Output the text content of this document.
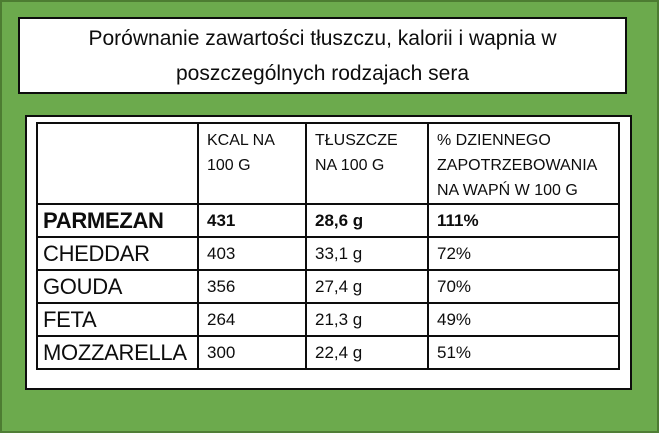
Porównanie zawartości tłuszczu, kalorii i wapnia w
poszczególnych rodzajach sera
	KCAL NA 100 G	TŁUSZCZE NA 100 G	% DZIENNEGO ZAPOTRZEBOWANIA NA WAPŃ W 100 G
PARMEZAN	431	28,6 g	111%
CHEDDAR	403	33,1 g	72%
GOUDA	356	27,4 g	70%
FETA	264	21,3 g	49%
MOZZARELLA	300	22,4 g	51%
